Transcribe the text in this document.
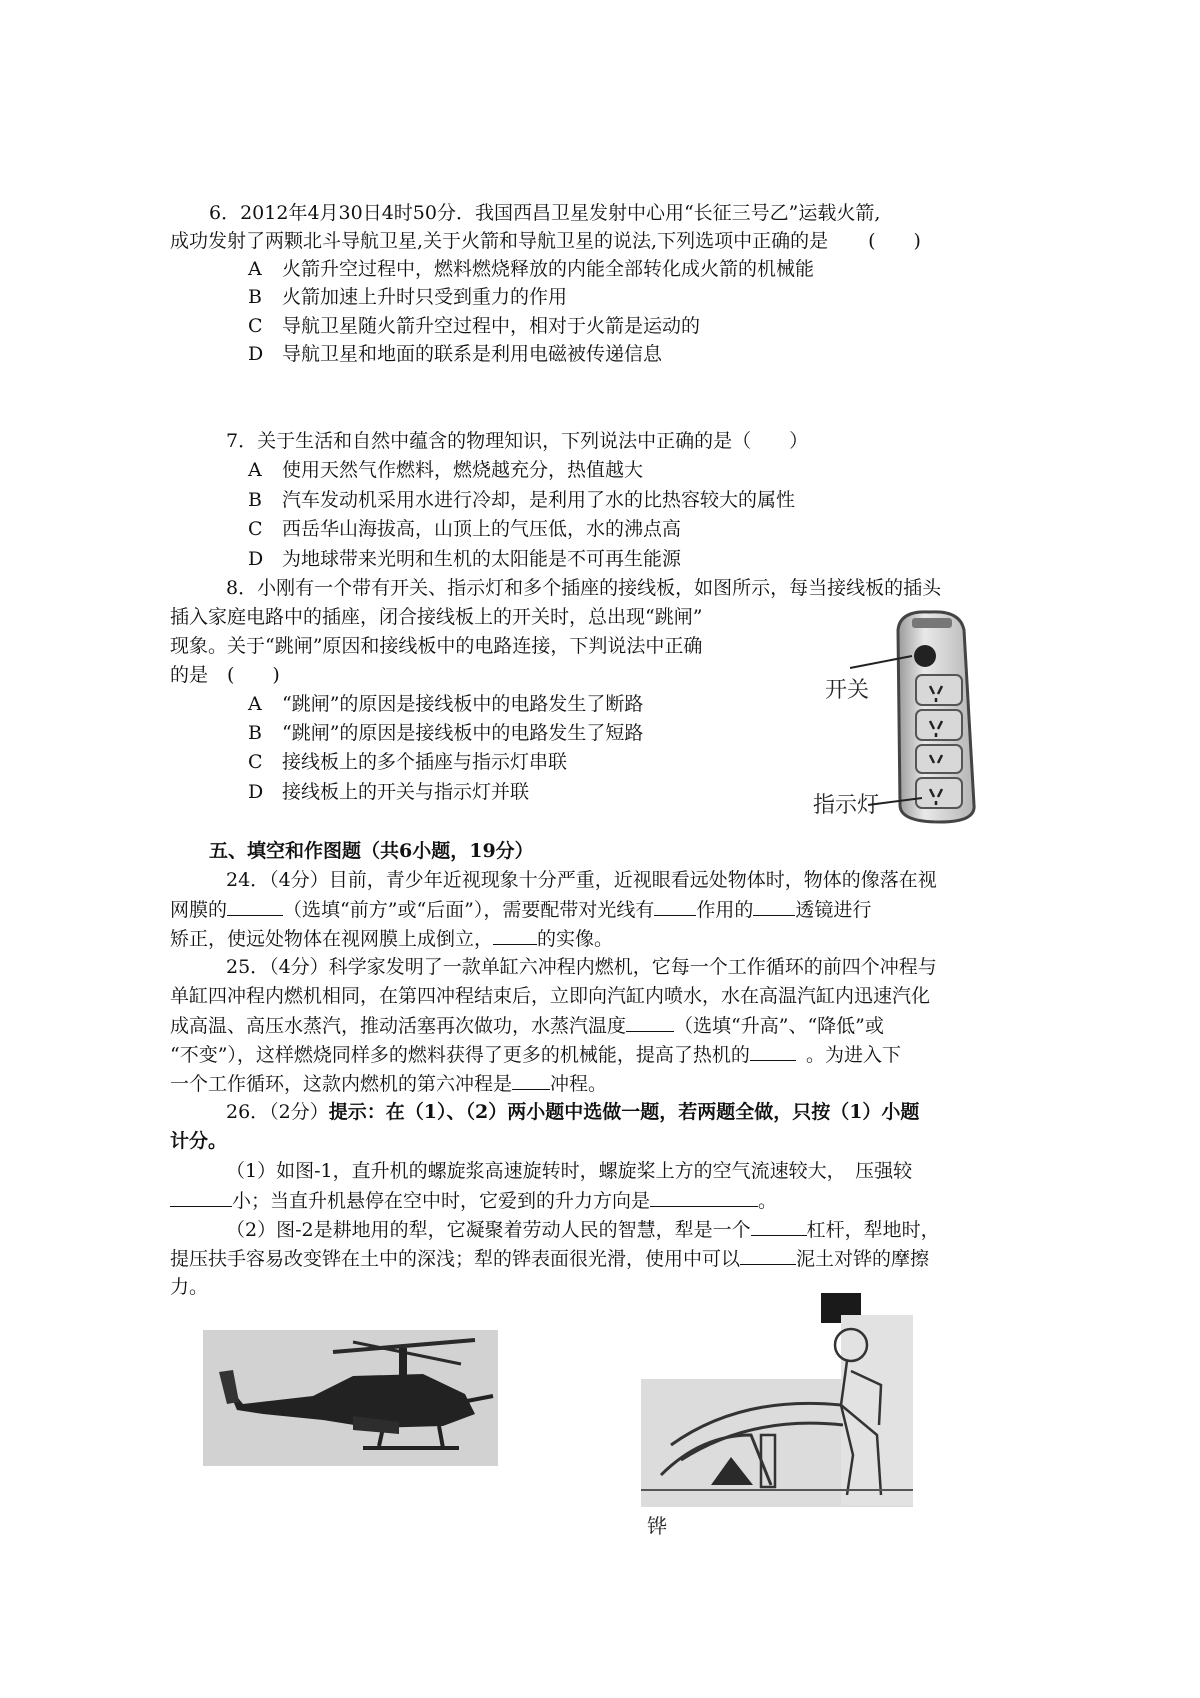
6．2012年4月30日4时50分．我国西昌卫星发射中心用“长征三号乙”运载火箭,
成功发射了两颗北斗导航卫星,关于火箭和导航卫星的说法,下列选项中正确的是 (　　)
A 火箭升空过程中，燃料燃烧释放的内能全部转化成火箭的机械能
B 火箭加速上升时只受到重力的作用
C 导航卫星随火箭升空过程中，相对于火箭是运动的
D 导航卫星和地面的联系是利用电磁被传递信息
7．关于生活和自然中蕴含的物理知识，下列说法中正确的是（　　）
A 使用天然气作燃料，燃烧越充分，热值越大
B 汽车发动机采用水进行冷却，是利用了水的比热容较大的属性
C 西岳华山海拔高，山顶上的气压低，水的沸点高
D 为地球带来光明和生机的太阳能是不可再生能源
8．小刚有一个带有开关、指示灯和多个插座的接线板，如图所示，每当接线板的插头
插入家庭电路中的插座，闭合接线板上的开关时，总出现“跳闸”
现象。关于“跳闸”原因和接线板中的电路连接，下判说法中正确
的是　(　　)
A “跳闸”的原因是接线板中的电路发生了断路
B “跳闸”的原因是接线板中的电路发生了短路
C 接线板上的多个插座与指示灯串联
D 接线板上的开关与指示灯并联
开关
指示灯
五、填空和作图题（共6小题，19分）
24．（4分）目前，青少年近视现象十分严重，近视眼看远处物体时，物体的像落在视
网膜的	（选填“前方”或“后面”），需要配带对光线有 作用的 透镜进行
矫正，使远处物体在视网膜上成倒立， 的实像。
25．（4分）科学家发明了一款单缸六冲程内燃机，它每一个工作循环的前四个冲程与
单缸四冲程内燃机相同，在第四冲程结束后，立即向汽缸内喷水，水在高温汽缸内迅速汽化
成高温、高压水蒸汽，推动活塞再次做功，水蒸汽温度	（选填“升高”、“降低”或
“不变”），这样燃烧同样多的燃料获得了更多的机械能，提高了热机的	。为进入下
一个工作循环，这款内燃机的第六冲程是 冲程。
26．（2分）提示：在（1）、（2）两小题中选做一题，若两题全做，只按（1）小题
计分。
（1）如图-1，直升机的螺旋浆高速旋转时，螺旋桨上方的空气流速较大，　压强较
小；当直升机悬停在空中时，它爱到的升力方向是	。
（2）图-2是耕地用的犁，它凝聚着劳动人民的智慧，犁是一个	杠杆，犁地时，
提压扶手容易改变铧在土中的深浅；犁的铧表面很光滑，使用中可以	泥土对铧的摩擦
力。
铧
